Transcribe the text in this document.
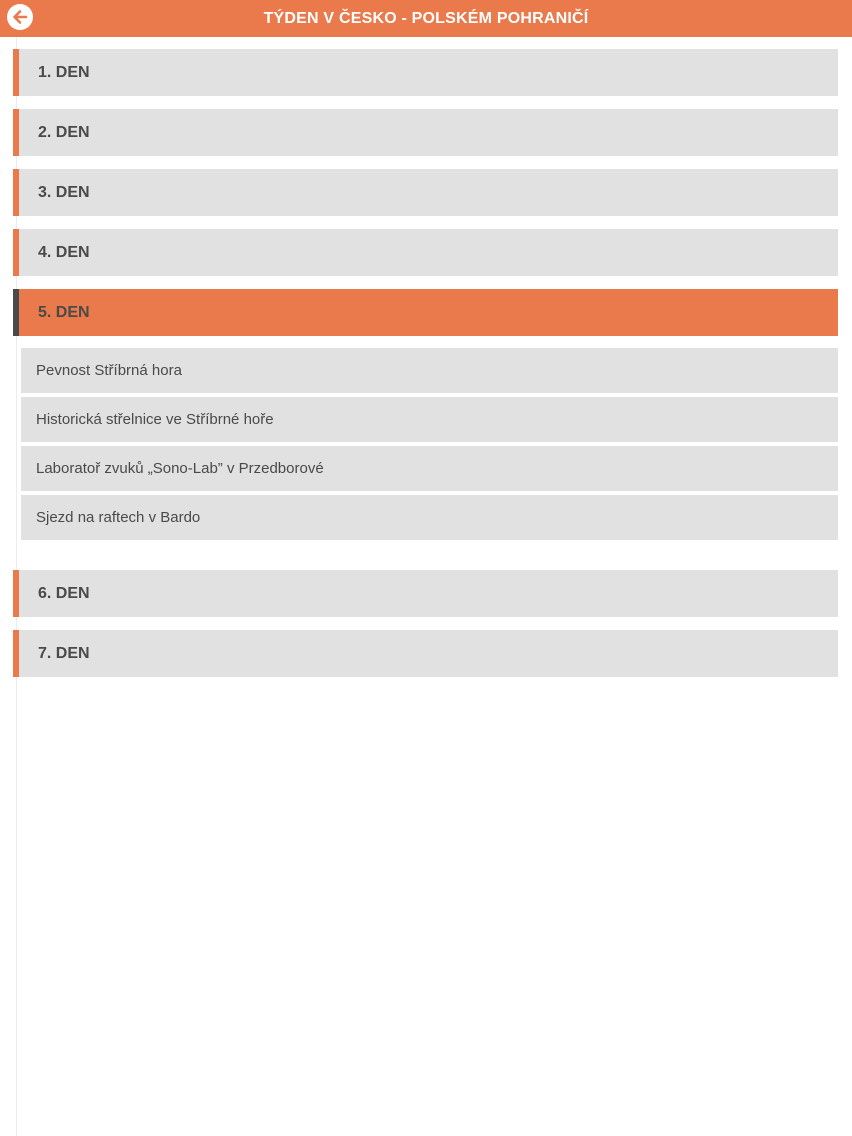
TÝDEN V ČESKO - POLSKÉM POHRANIČÍ
1. DEN
2. DEN
3. DEN
4. DEN
5. DEN
Pevnost Stříbrná hora
Historická střelnice ve Stříbrné hoře
Laboratoř zvuků „Sono-Lab” v Przedborové
Sjezd na raftech v Bardo
6. DEN
7. DEN
